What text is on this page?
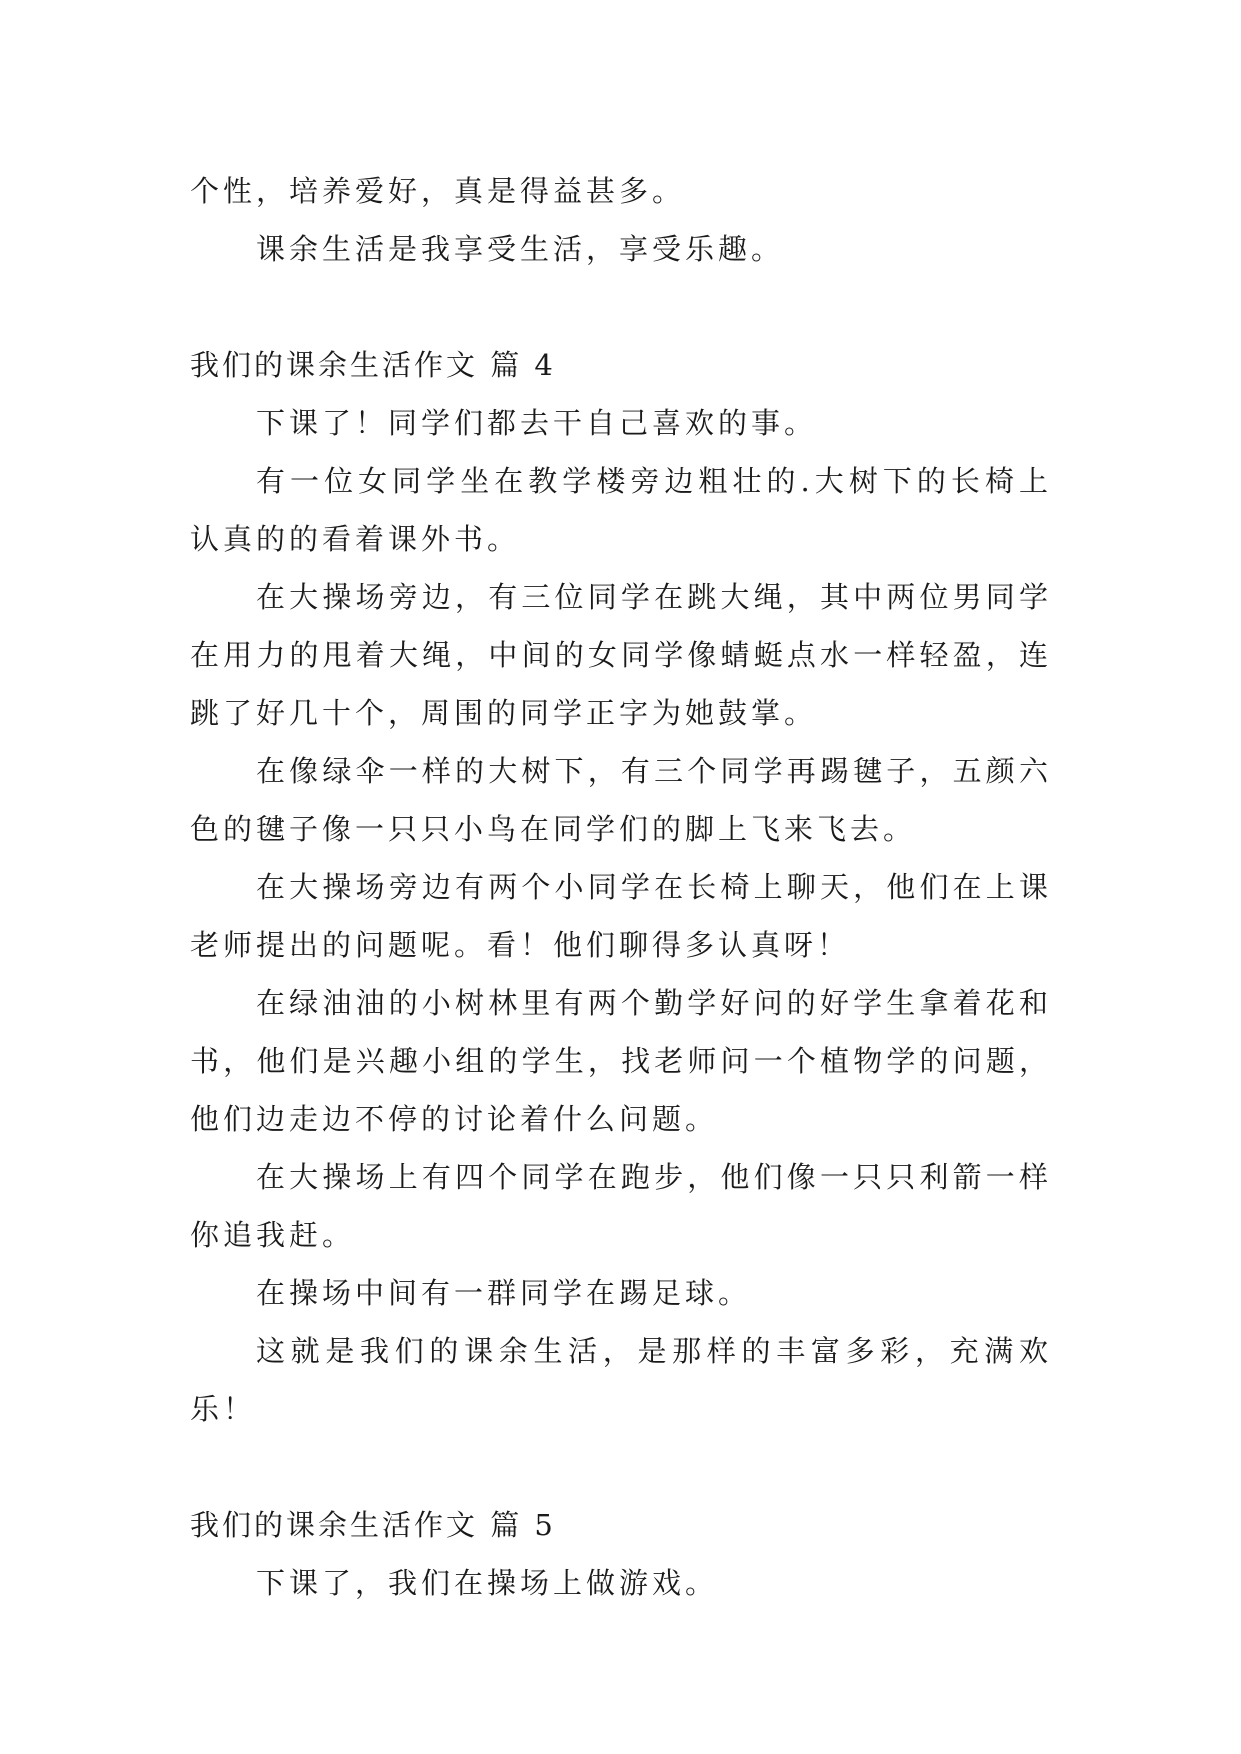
个性，培养爱好，真是得益甚多。

课余生活是我享受生活，享受乐趣。

我们的课余生活作文 篇 4

下课了！同学们都去干自己喜欢的事。

有一位女同学坐在教学楼旁边粗壮的.大树下的长椅上认真的的看着课外书。

在大操场旁边，有三位同学在跳大绳，其中两位男同学在用力的甩着大绳，中间的女同学像蜻蜓点水一样轻盈，连跳了好几十个，周围的同学正字为她鼓掌。

在像绿伞一样的大树下，有三个同学再踢毽子，五颜六色的毽子像一只只小鸟在同学们的脚上飞来飞去。

在大操场旁边有两个小同学在长椅上聊天，他们在上课老师提出的问题呢。看！他们聊得多认真呀！

在绿油油的小树林里有两个勤学好问的好学生拿着花和书，他们是兴趣小组的学生，找老师问一个植物学的问题，他们边走边不停的讨论着什么问题。

在大操场上有四个同学在跑步，他们像一只只利箭一样你追我赶。

在操场中间有一群同学在踢足球。

这就是我们的课余生活，是那样的丰富多彩，充满欢乐！

我们的课余生活作文 篇 5

下课了，我们在操场上做游戏。
